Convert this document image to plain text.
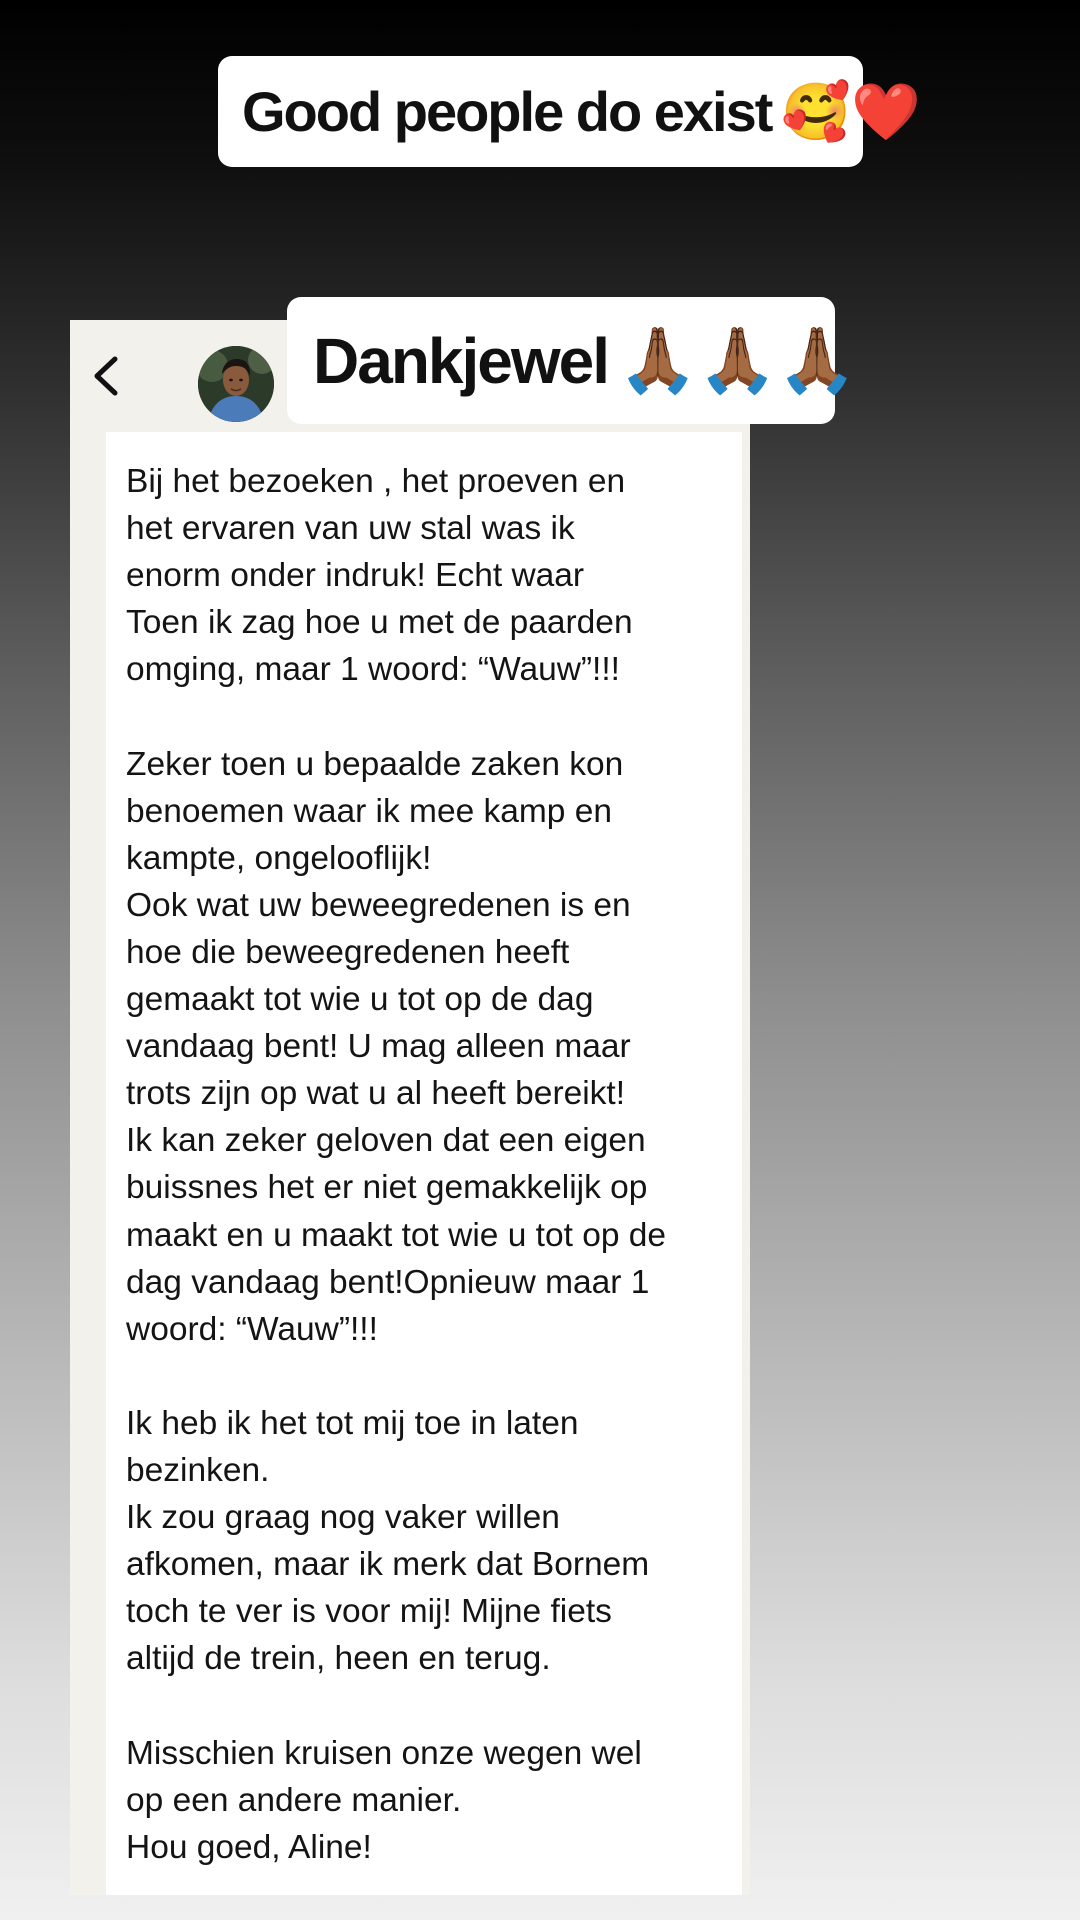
Good people do exist 🥰❤️

Bij het bezoeken , het proeven en
het ervaren van uw stal was ik
enorm onder indruk! Echt waar
Toen ik zag hoe u met de paarden
omging, maar 1 woord: “Wauw”!!!

Zeker toen u bepaalde zaken kon
benoemen waar ik mee kamp en
kampte, ongelooflijk!
Ook wat uw beweegredenen is en
hoe die beweegredenen heeft
gemaakt tot wie u tot op de dag
vandaag bent! U mag alleen maar
trots zijn op wat u al heeft bereikt!
Ik kan zeker geloven dat een eigen
buissnes het er niet gemakkelijk op
maakt en u maakt tot wie u tot op de
dag vandaag bent!Opnieuw maar 1
woord: “Wauw”!!!

Ik heb ik het tot mij toe in laten
bezinken.
Ik zou graag nog vaker willen
afkomen, maar ik merk dat Bornem
toch te ver is voor mij! Mijne fiets
altijd de trein, heen en terug.

Misschien kruisen onze wegen wel
op een andere manier.
Hou goed, Aline!

Dankjewel 🙏🏾🙏🏾🙏🏾
